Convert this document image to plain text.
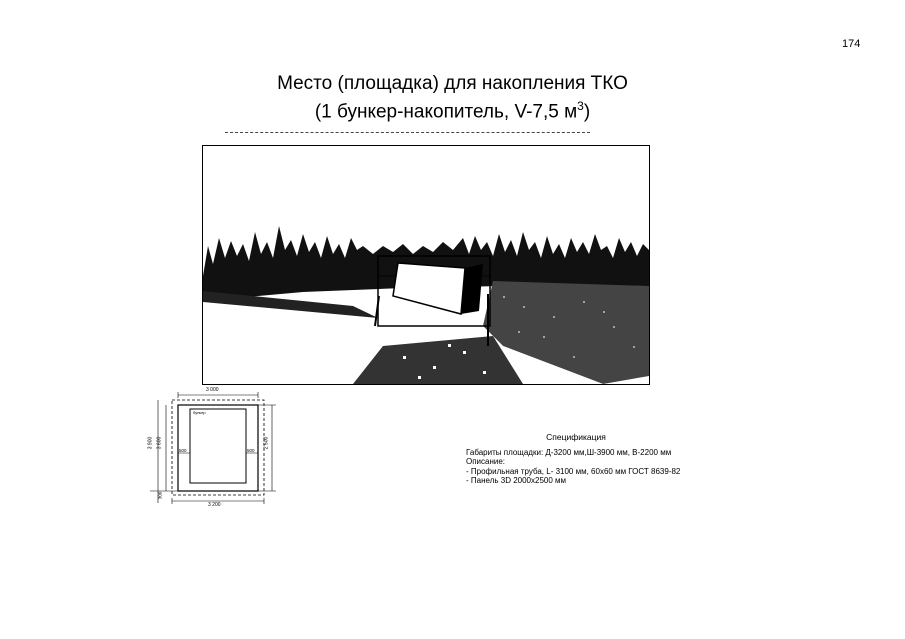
174
Место (площадка) для накопления ТКО
(1 бункер-накопитель, V-7,5 $м^3$)
3 000
3 200
3 900 3 600	2 500
500	500
300
бункер
Спецификация
Габариты площадки: Д-3200 мм,Ш-3900 мм, В-2200 мм
Описание:
- Профильная труба, L- 3100 мм, 60х60 мм ГОСТ 8639-82
- Панель 3D 2000х2500 мм
